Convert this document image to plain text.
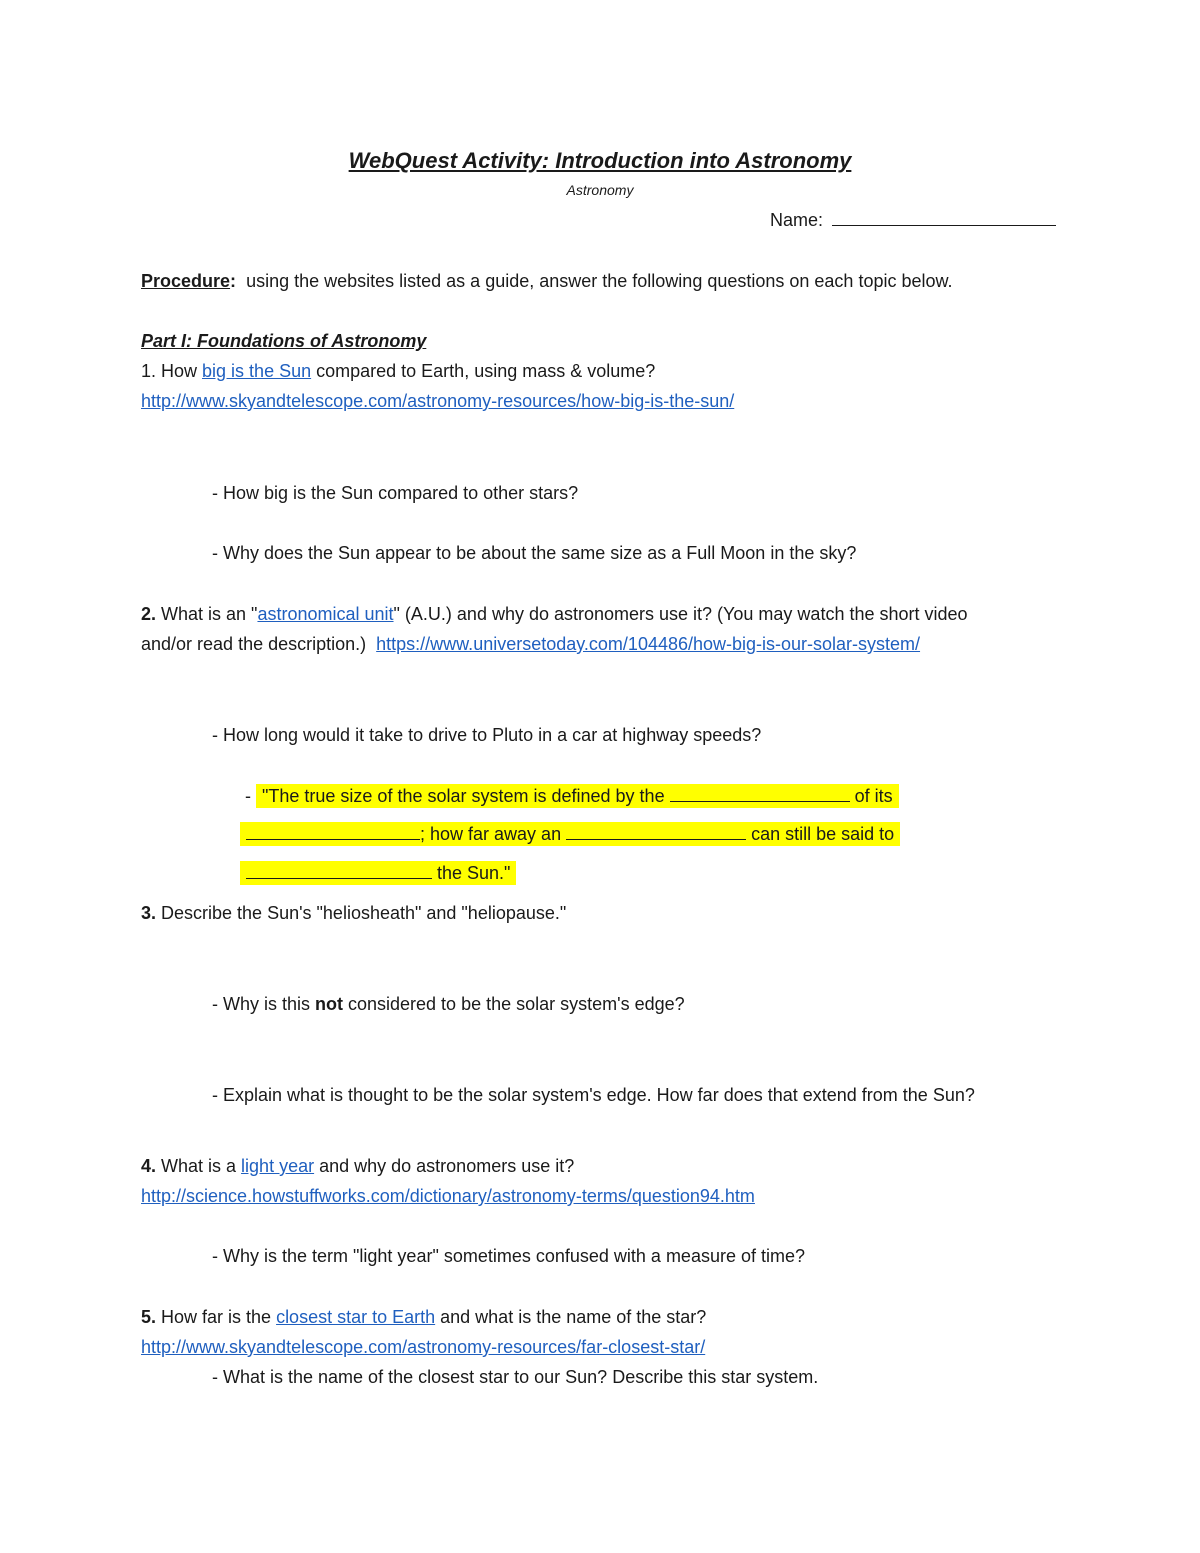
WebQuest Activity: Introduction into Astronomy
Astronomy
Name:
Procedure: using the websites listed as a guide, answer the following questions on each topic below.
Part I: Foundations of Astronomy
1. How big is the Sun compared to Earth, using mass & volume?
http://www.skyandtelescope.com/astronomy-resources/how-big-is-the-sun/
- How big is the Sun compared to other stars?
- Why does the Sun appear to be about the same size as a Full Moon in the sky?
2. What is an "astronomical unit" (A.U.) and why do astronomers use it? (You may watch the short video
and/or read the description.)  https://www.universetoday.com/104486/how-big-is-our-solar-system/
- How long would it take to drive to Pluto in a car at highway speeds?
- "The true size of the solar system is defined by the	of its
; how far away an	can still be said to
the Sun."
3. Describe the Sun's "heliosheath" and "heliopause."
- Why is this not considered to be the solar system's edge?
- Explain what is thought to be the solar system's edge. How far does that extend from the Sun?
4. What is a light year and why do astronomers use it?
http://science.howstuffworks.com/dictionary/astronomy-terms/question94.htm
- Why is the term "light year" sometimes confused with a measure of time?
5. How far is the closest star to Earth and what is the name of the star?
http://www.skyandtelescope.com/astronomy-resources/far-closest-star/
- What is the name of the closest star to our Sun? Describe this star system.
